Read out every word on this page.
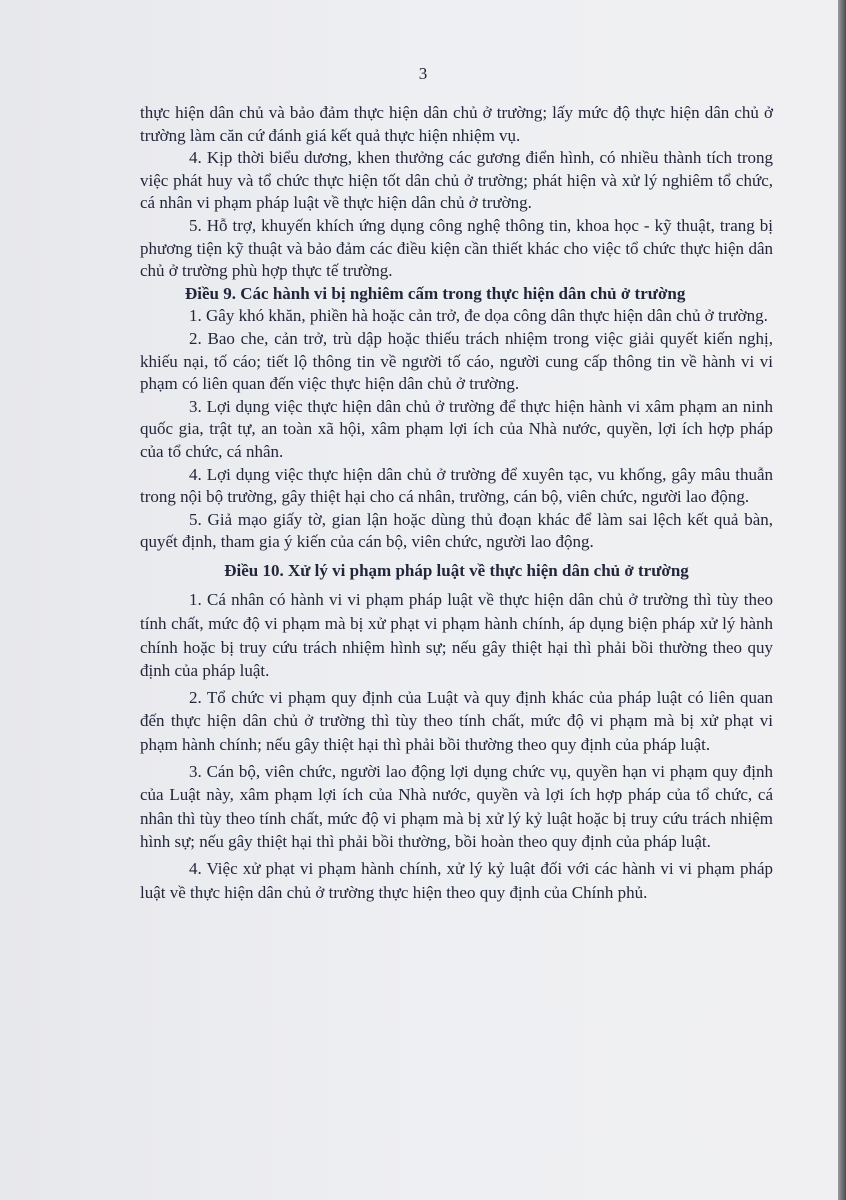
3

thực hiện dân chủ và bảo đảm thực hiện dân chủ ở trường; lấy mức độ thực hiện dân chủ ở trường làm căn cứ đánh giá kết quả thực hiện nhiệm vụ.

4. Kịp thời biểu dương, khen thưởng các gương điển hình, có nhiều thành tích trong việc phát huy và tổ chức thực hiện tốt dân chủ ở trường; phát hiện và xử lý nghiêm tổ chức, cá nhân vi phạm pháp luật về thực hiện dân chủ ở trường.

5. Hỗ trợ, khuyến khích ứng dụng công nghệ thông tin, khoa học - kỹ thuật, trang bị phương tiện kỹ thuật và bảo đảm các điều kiện cần thiết khác cho việc tổ chức thực hiện dân chủ ở trường phù hợp thực tế trường.

Điều 9. Các hành vi bị nghiêm cấm trong thực hiện dân chủ ở trường

1. Gây khó khăn, phiền hà hoặc cản trở, đe dọa công dân thực hiện dân chủ ở trường.

2. Bao che, cản trở, trù dập hoặc thiếu trách nhiệm trong việc giải quyết kiến nghị, khiếu nại, tố cáo; tiết lộ thông tin về người tố cáo, người cung cấp thông tin về hành vi vi phạm có liên quan đến việc thực hiện dân chủ ở trường.

3. Lợi dụng việc thực hiện dân chủ ở trường để thực hiện hành vi xâm phạm an ninh quốc gia, trật tự, an toàn xã hội, xâm phạm lợi ích của Nhà nước, quyền, lợi ích hợp pháp của tổ chức, cá nhân.

4. Lợi dụng việc thực hiện dân chủ ở trường để xuyên tạc, vu khống, gây mâu thuẫn trong nội bộ trường, gây thiệt hại cho cá nhân, trường, cán bộ, viên chức, người lao động.

5. Giả mạo giấy tờ, gian lận hoặc dùng thủ đoạn khác để làm sai lệch kết quả bàn, quyết định, tham gia ý kiến của cán bộ, viên chức, người lao động.

Điều 10. Xử lý vi phạm pháp luật về thực hiện dân chủ ở trường

1. Cá nhân có hành vi vi phạm pháp luật về thực hiện dân chủ ở trường thì tùy theo tính chất, mức độ vi phạm mà bị xử phạt vi phạm hành chính, áp dụng biện pháp xử lý hành chính hoặc bị truy cứu trách nhiệm hình sự; nếu gây thiệt hại thì phải bồi thường theo quy định của pháp luật.

2. Tổ chức vi phạm quy định của Luật và quy định khác của pháp luật có liên quan đến thực hiện dân chủ ở trường thì tùy theo tính chất, mức độ vi phạm mà bị xử phạt vi phạm hành chính; nếu gây thiệt hại thì phải bồi thường theo quy định của pháp luật.

3. Cán bộ, viên chức, người lao động lợi dụng chức vụ, quyền hạn vi phạm quy định của Luật này, xâm phạm lợi ích của Nhà nước, quyền và lợi ích hợp pháp của tổ chức, cá nhân thì tùy theo tính chất, mức độ vi phạm mà bị xử lý kỷ luật hoặc bị truy cứu trách nhiệm hình sự; nếu gây thiệt hại thì phải bồi thường, bồi hoàn theo quy định của pháp luật.

4. Việc xử phạt vi phạm hành chính, xử lý kỷ luật đối với các hành vi vi phạm pháp luật về thực hiện dân chủ ở trường thực hiện theo quy định của Chính phủ.
